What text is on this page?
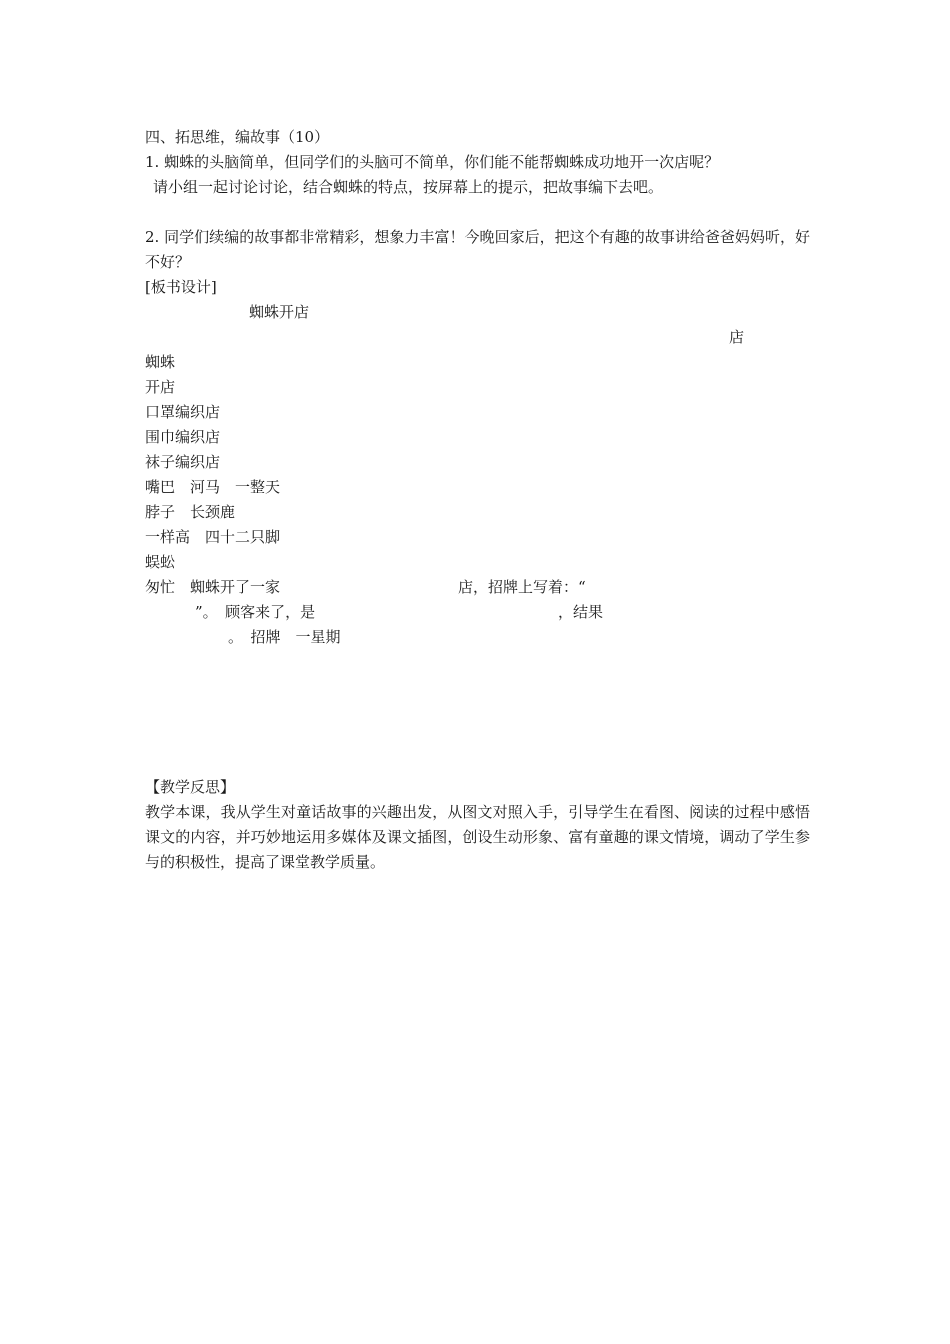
四、拓思维，编故事（10）
1. 蜘蛛的头脑简单，但同学们的头脑可不简单，你们能不能帮蜘蛛成功地开一次店呢？
请小组一起讨论讨论，结合蜘蛛的特点，按屏幕上的提示，把故事编下去吧。
2. 同学们续编的故事都非常精彩，想象力丰富！今晚回家后，把这个有趣的故事讲给爸爸妈妈听，好不好？
[板书设计]
蜘蛛开店
店
蜘蛛
开店
口罩编织店
围巾编织店
袜子编织店
嘴巴　河马　一整天
脖子　长颈鹿
一样高　四十二只脚
蜈蚣
匆忙　蜘蛛开了一家	店，招牌上写着：“
”。　顾客来了，是	，结果
。　招牌　一星期
【教学反思】
教学本课，我从学生对童话故事的兴趣出发，从图文对照入手，引导学生在看图、阅读的过程中感悟课文的内容，并巧妙地运用多媒体及课文插图，创设生动形象、富有童趣的课文情境，调动了学生参与的积极性，提高了课堂教学质量。
